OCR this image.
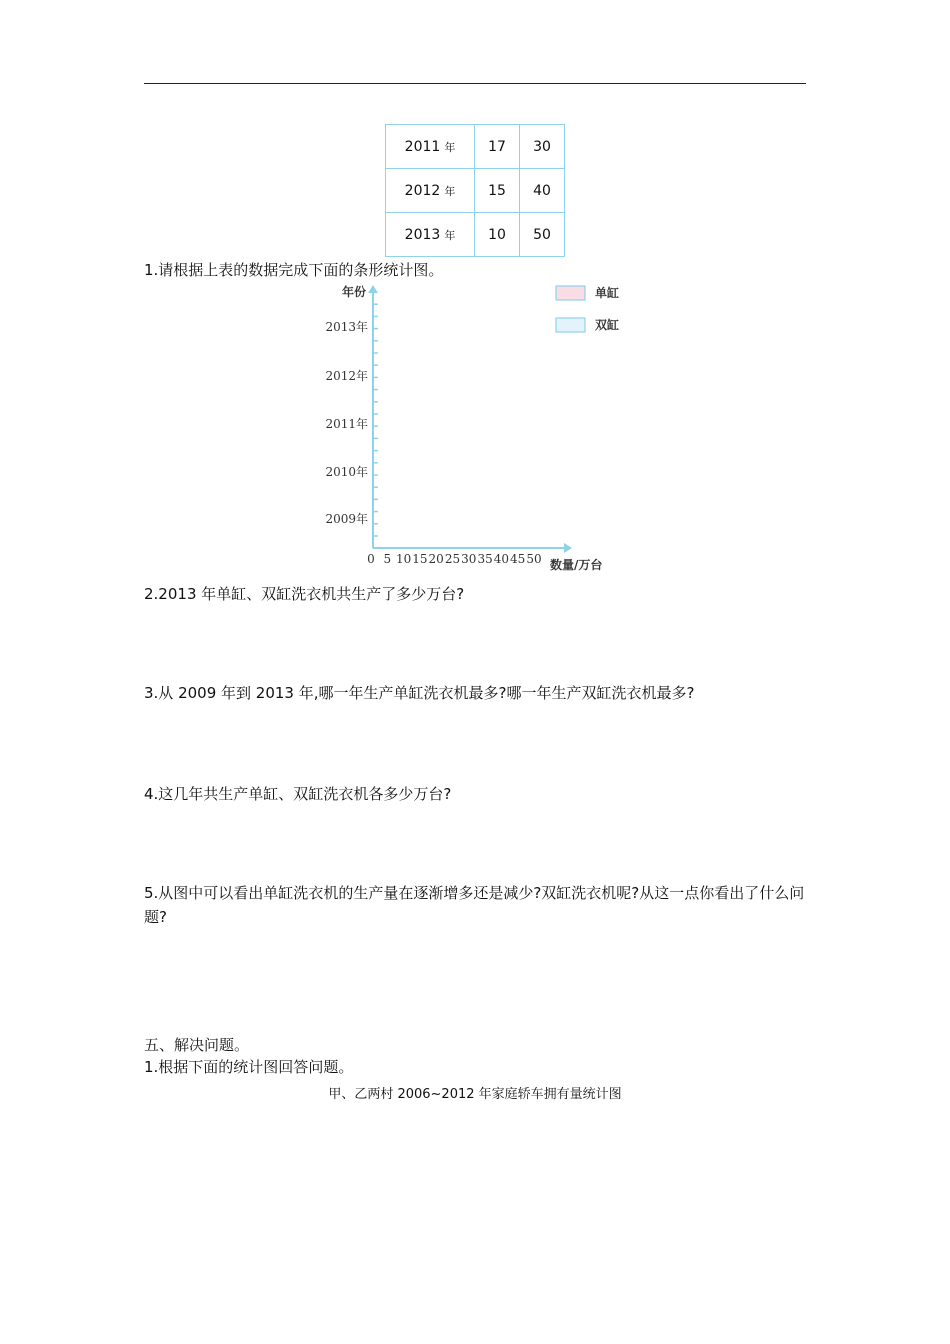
2011 年	17	30
2012 年	15	40
2013 年	10	50
1.请根据上表的数据完成下面的条形统计图。
2009年
2010年
2011年
2012年
2013年
年份
数量/万台
0 5 10 15 20 25 30 35 40 45 50
单缸
双缸
2.2013 年单缸、双缸洗衣机共生产了多少万台?
3.从 2009 年到 2013 年,哪一年生产单缸洗衣机最多?哪一年生产双缸洗衣机最多?
4.这几年共生产单缸、双缸洗衣机各多少万台?
5.从图中可以看出单缸洗衣机的生产量在逐渐增多还是减少?双缸洗衣机呢?从这一点你看出了什么问题?
五、解决问题。
1.根据下面的统计图回答问题。
甲、乙两村 2006~2012 年家庭轿车拥有量统计图
